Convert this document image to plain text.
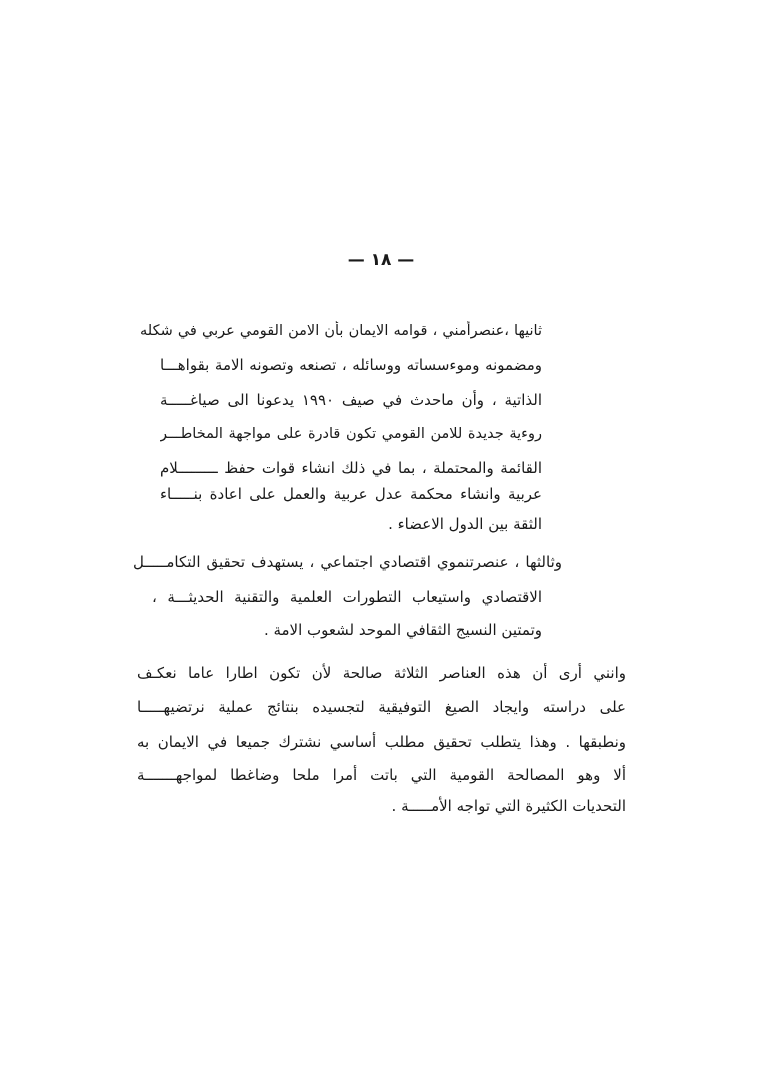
— ١٨ —
ثانيها ،عنصرأمني ، قوامه الايمان بأن الامن القومي عربي في شكله
ومضمونه وموءسساته ووسائله ، تصنعه وتصونه الامة بقواهـــا
الذاتية ، وأن ماحدث في صيف ١٩٩٠ يدعونا الى صياغـــــة
روءية جديدة للامن القومي تكون قادرة على مواجهة المخاطـــر
القائمة والمحتملة ، بما في ذلك انشاء قوات حفظ ـــــــــلام
عربية وانشاء محكمة عدل عربية والعمل على اعادة بنـــــاء
الثقة بين الدول الاعضاء .
وثالثها ، عنصرتنموي اقتصادي اجتماعي ، يستهدف تحقيق التكامـــــل
الاقتصادي واستيعاب التطورات العلمية والتقنية الحديثـــة ،
وتمتين النسيج الثقافي الموحد لشعوب الامة .
وانني أرى أن هذه العناصر الثلاثة صالحة لأن تكون اطارا عاما نعكـف
على دراسته وايجاد الصيغ التوفيقية لتجسيده بنتائج عملية نرتضيهـــــا
ونطبقها . وهذا يتطلب تحقيق مطلب أساسي نشترك جميعا في الايمان به
ألا وهو المصالحة القومية التي باتت أمرا ملحا وضاغطا لمواجهـــــــة
التحديات الكثيرة التي تواجه الأمـــــة .
